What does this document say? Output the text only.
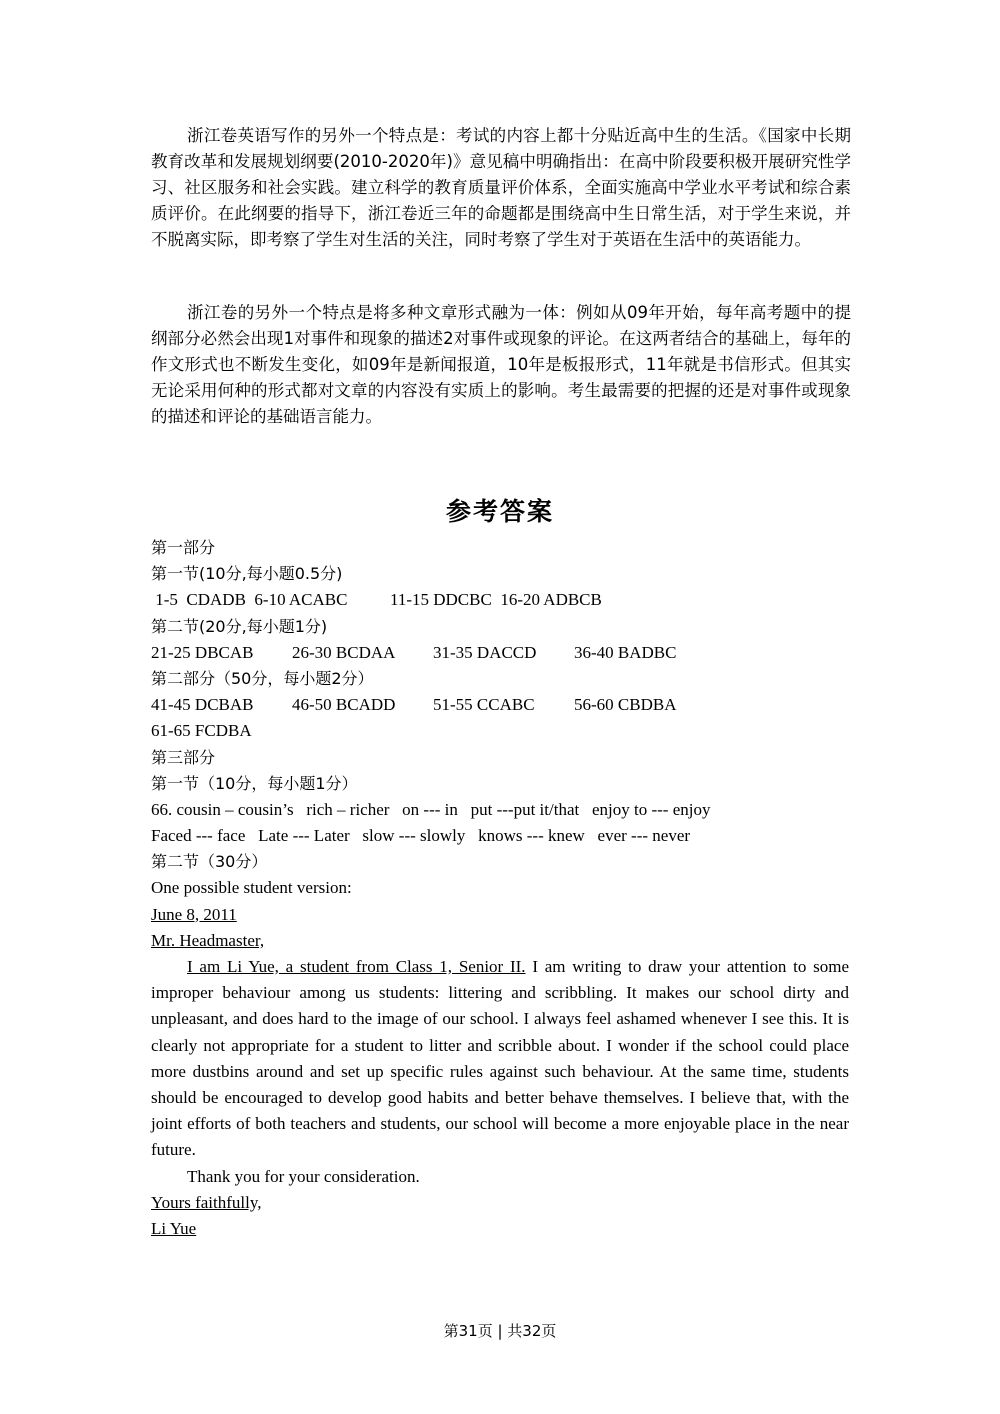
浙江卷英语写作的另外一个特点是：考试的内容上都十分贴近高中生的生活。《国家中长期教育改革和发展规划纲要(2010-2020年)》意见稿中明确指出：在高中阶段要积极开展研究性学习、社区服务和社会实践。建立科学的教育质量评价体系，全面实施高中学业水平考试和综合素质评价。在此纲要的指导下，浙江卷近三年的命题都是围绕高中生日常生活，对于学生来说，并不脱离实际，即考察了学生对生活的关注，同时考察了学生对于英语在生活中的英语能力。

浙江卷的另外一个特点是将多种文章形式融为一体：例如从09年开始，每年高考题中的提纲部分必然会出现1对事件和现象的描述2对事件或现象的评论。在这两者结合的基础上，每年的作文形式也不断发生变化，如09年是新闻报道，10年是板报形式，11年就是书信形式。但其实无论采用何种的形式都对文章的内容没有实质上的影响。考生最需要的把握的还是对事件或现象的描述和评论的基础语言能力。

参考答案
第一部分
第一节(10分,每小题0.5分)
1-5  CDADB  6-10 ACABC          11-15 DDCBC  16-20 ADBCB
第二节(20分,每小题1分)
21-25 DBCAB	26-30 BCDAA	31-35 DACCD	36-40 BADBC
第二部分（50分，每小题2分）
41-45 DCBAB	46-50 BCADD	51-55 CCABC	56-60 CBDBA
61-65 FCDBA
第三部分
第一节（10分，每小题1分）
66. cousin – cousin’s   rich – richer   on --- in   put ---put it/that   enjoy to --- enjoy
Faced --- face   Late --- Later   slow --- slowly   knows --- knew   ever --- never
第二节（30分）
One possible student version:
June 8, 2011
Mr. Headmaster,
I am Li Yue, a student from Class 1, Senior II. I am writing to draw your attention to some improper behaviour among us students: littering and scribbling. It makes our school dirty and unpleasant, and does hard to the image of our school. I always feel ashamed whenever I see this. It is clearly not appropriate for a student to litter and scribble about. I wonder if the school could place more dustbins around and set up specific rules against such behaviour. At the same time, students should be encouraged to develop good habits and better behave themselves. I believe that, with the joint efforts of both teachers and students, our school will become a more enjoyable place in the near future.
Thank you for your consideration.
Yours faithfully,
Li Yue
第31页 | 共32页
